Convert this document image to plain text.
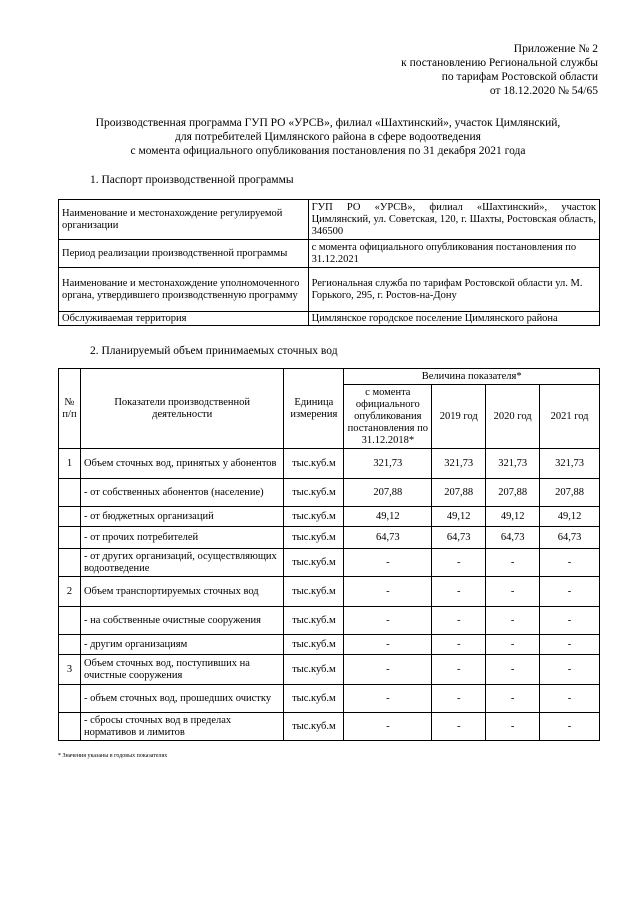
Приложение № 2
к постановлению Региональной службы
по тарифам Ростовской области
от 18.12.2020 № 54/65
Производственная программа ГУП РО «УРСВ», филиал «Шахтинский», участок Цимлянский,
для потребителей Цимлянского района в сфере водоотведения
с момента официального опубликования постановления по 31 декабря 2021 года
1. Паспорт производственной программы
Наименование и местонахождение регулируемой организации	ГУП РО «УРСВ», филиал «Шахтинский», участок Цимлянский, ул. Советская, 120, г. Шахты, Ростовская область, 346500
Период реализации производственной программы	с момента официального опубликования постановления по 31.12.2021
Наименование и местонахождение уполномоченного органа, утвердившего производственную программу	Региональная служба по тарифам Ростовской области ул. М. Горького, 295, г. Ростов-на-Дону
Обслуживаемая территория	Цимлянское городское поселение Цимлянского района
2. Планируемый объем принимаемых сточных вод
№ п/п	Показатели производственной деятельности	Единица измерения	Величина показателя*			
			с момента официального опубликования постановления по 31.12.2018*	2019 год	2020 год	2021 год
1	Объем сточных вод, принятых у абонентов	тыс.куб.м	321,73	321,73	321,73	321,73
	- от собственных абонентов (население)	тыс.куб.м	207,88	207,88	207,88	207,88
	- от бюджетных организаций	тыс.куб.м	49,12	49,12	49,12	49,12
	- от прочих потребителей	тыс.куб.м	64,73	64,73	64,73	64,73
	- от других организаций, осуществляющих водоотведение	тыс.куб.м	-	-	-	-
2	Объем транспортируемых сточных вод	тыс.куб.м	-	-	-	-
	- на собственные очистные сооружения	тыс.куб.м	-	-	-	-
	- другим организациям	тыс.куб.м	-	-	-	-
3	Объем сточных вод, поступивших на очистные сооружения	тыс.куб.м	-	-	-	-
	- объем сточных вод, прошедших очистку	тыс.куб.м	-	-	-	-
	- сбросы сточных вод в пределах нормативов и лимитов	тыс.куб.м	-	-	-	-
* Значения указаны в годовых показателях
